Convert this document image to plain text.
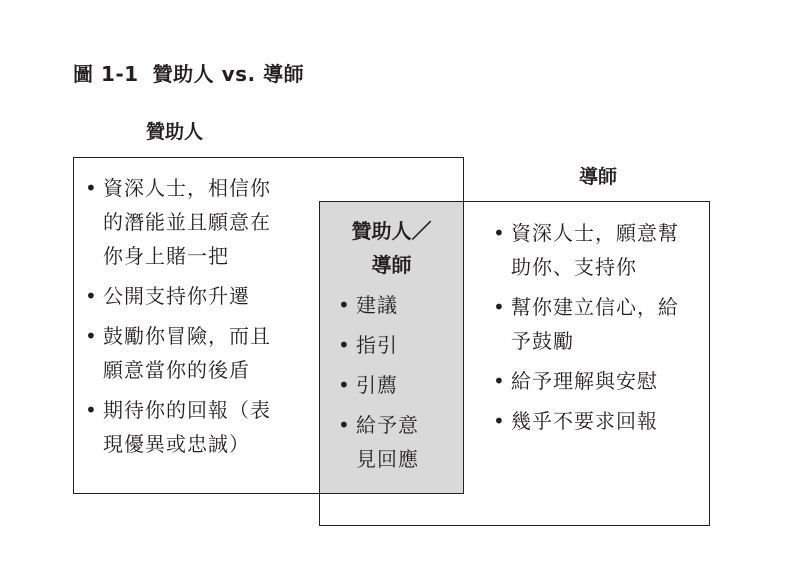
圖 1-1 贊助人 vs. 導師
贊助人
導師
贊助人／
導師
• 資深人士，相信你
的潛能並且願意在
你身上賭一把
• 公開支持你升遷
• 鼓勵你冒險，而且
願意當你的後盾
• 期待你的回報（表
現優異或忠誠）
• 建議
• 指引
• 引薦
• 給予意
見回應
• 資深人士，願意幫
助你、支持你
• 幫你建立信心，給
予鼓勵
• 給予理解與安慰
• 幾乎不要求回報
